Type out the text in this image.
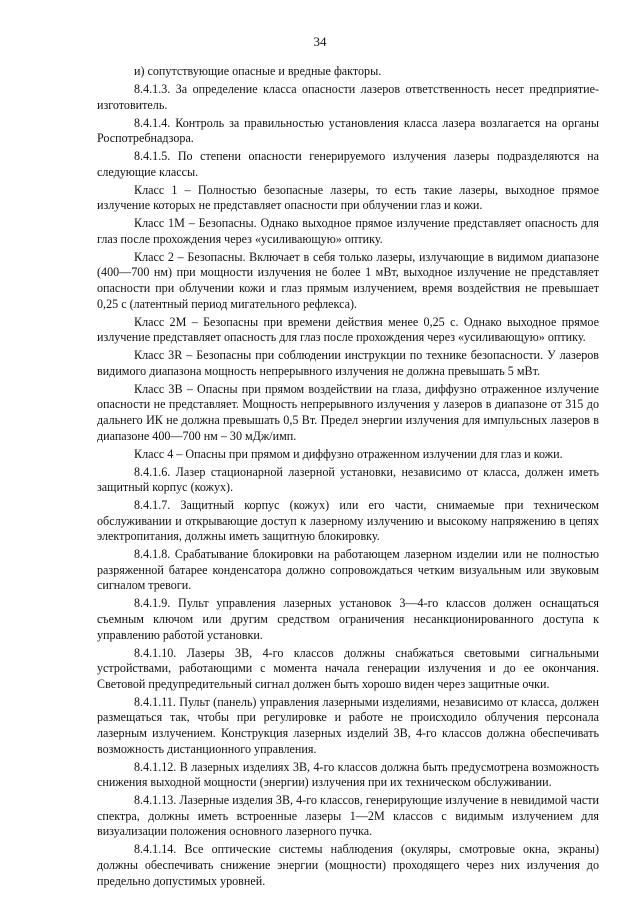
34

и) сопутствующие опасные и вредные факторы.

8.4.1.3. За определение класса опасности лазеров ответственность несет предприятие-изготовитель.

8.4.1.4. Контроль за правильностью установления класса лазера возлагается на органы Роспотребнадзора.

8.4.1.5. По степени опасности генерируемого излучения лазеры подразделяются на следующие классы.

Класс 1 – Полностью безопасные лазеры, то есть такие лазеры, выходное прямое излучение которых не представляет опасности при облучении глаз и кожи.

Класс 1М – Безопасны. Однако выходное прямое излучение представляет опасность для глаз после прохождения через «усиливающую» оптику.

Класс 2 – Безопасны. Включает в себя только лазеры, излучающие в видимом диапазоне (400—700 нм) при мощности излучения не более 1 мВт, выходное излучение не представляет опасности при облучении кожи и глаз прямым излучением, время воздействия не превышает 0,25 с (латентный период мигательного рефлекса).

Класс 2М – Безопасны при времени действия менее 0,25 с. Однако выходное прямое излучение представляет опасность для глаз после прохождения через «усиливающую» оптику.

Класс 3R – Безопасны при соблюдении инструкции по технике безопасности. У лазеров видимого диапазона мощность непрерывного излучения не должна превышать 5 мВт.

Класс 3В – Опасны при прямом воздействии на глаза, диффузно отраженное излучение опасности не представляет. Мощность непрерывного излучения у лазеров в диапазоне от 315 до дальнего ИК не должна превышать 0,5 Вт. Предел энергии излучения для импульсных лазеров в диапазоне 400—700 нм – 30 мДж/имп.

Класс 4 – Опасны при прямом и диффузно отраженном излучении для глаз и кожи.

8.4.1.6. Лазер стационарной лазерной установки, независимо от класса, должен иметь защитный корпус (кожух).

8.4.1.7. Защитный корпус (кожух) или его части, снимаемые при техническом обслуживании и открывающие доступ к лазерному излучению и высокому напряжению в цепях электропитания, должны иметь защитную блокировку.

8.4.1.8. Срабатывание блокировки на работающем лазерном изделии или не полностью разряженной батарее конденсатора должно сопровождаться четким визуальным или звуковым сигналом тревоги.

8.4.1.9. Пульт управления лазерных установок 3—4-го классов должен оснащаться съемным ключом или другим средством ограничения несанкционированного доступа к управлению работой установки.

8.4.1.10. Лазеры 3В, 4-го классов должны снабжаться световыми сигнальными устройствами, работающими с момента начала генерации излучения и до ее окончания. Световой предупредительный сигнал должен быть хорошо виден через защитные очки.

8.4.1.11. Пульт (панель) управления лазерными изделиями, независимо от класса, должен размещаться так, чтобы при регулировке и работе не происходило облучения персонала лазерным излучением. Конструкция лазерных изделий 3В, 4-го классов должна обеспечивать возможность дистанционного управления.

8.4.1.12. В лазерных изделиях 3В, 4-го классов должна быть предусмотрена возможность снижения выходной мощности (энергии) излучения при их техническом обслуживании.

8.4.1.13. Лазерные изделия 3В, 4-го классов, генерирующие излучение в невидимой части спектра, должны иметь встроенные лазеры 1—2М классов с видимым излучением для визуализации положения основного лазерного пучка.

8.4.1.14. Все оптические системы наблюдения (окуляры, смотровые окна, экраны) должны обеспечивать снижение энергии (мощности) проходящего через них излучения до предельно допустимых уровней.
